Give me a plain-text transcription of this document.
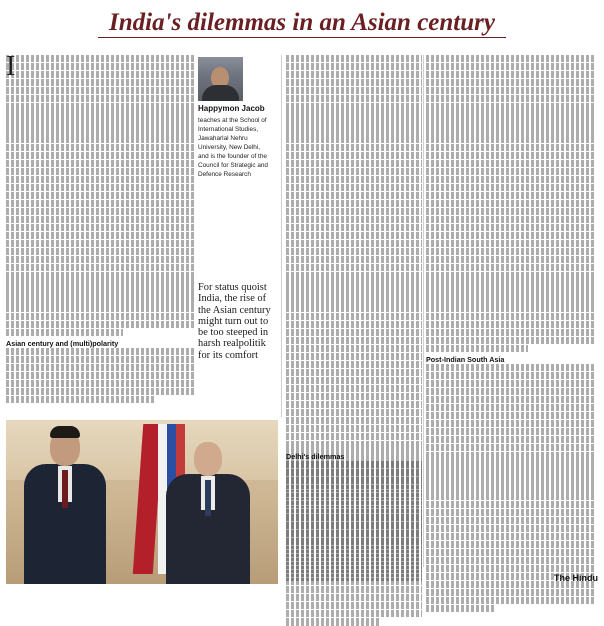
India's dilemmas in an Asian century
I
Asian century and (multi)polarity
Happymon Jacob
teaches at the School of International Studies, Jawaharlal Nehru University, New Delhi, and is the founder of the Council for Strategic and Defence Research
For status quoist India, the rise of the Asian century might turn out to be too steeped in harsh realpolitik for its comfort	Post-Indian South Asia
Delhi's dilemmas
The Hindu
